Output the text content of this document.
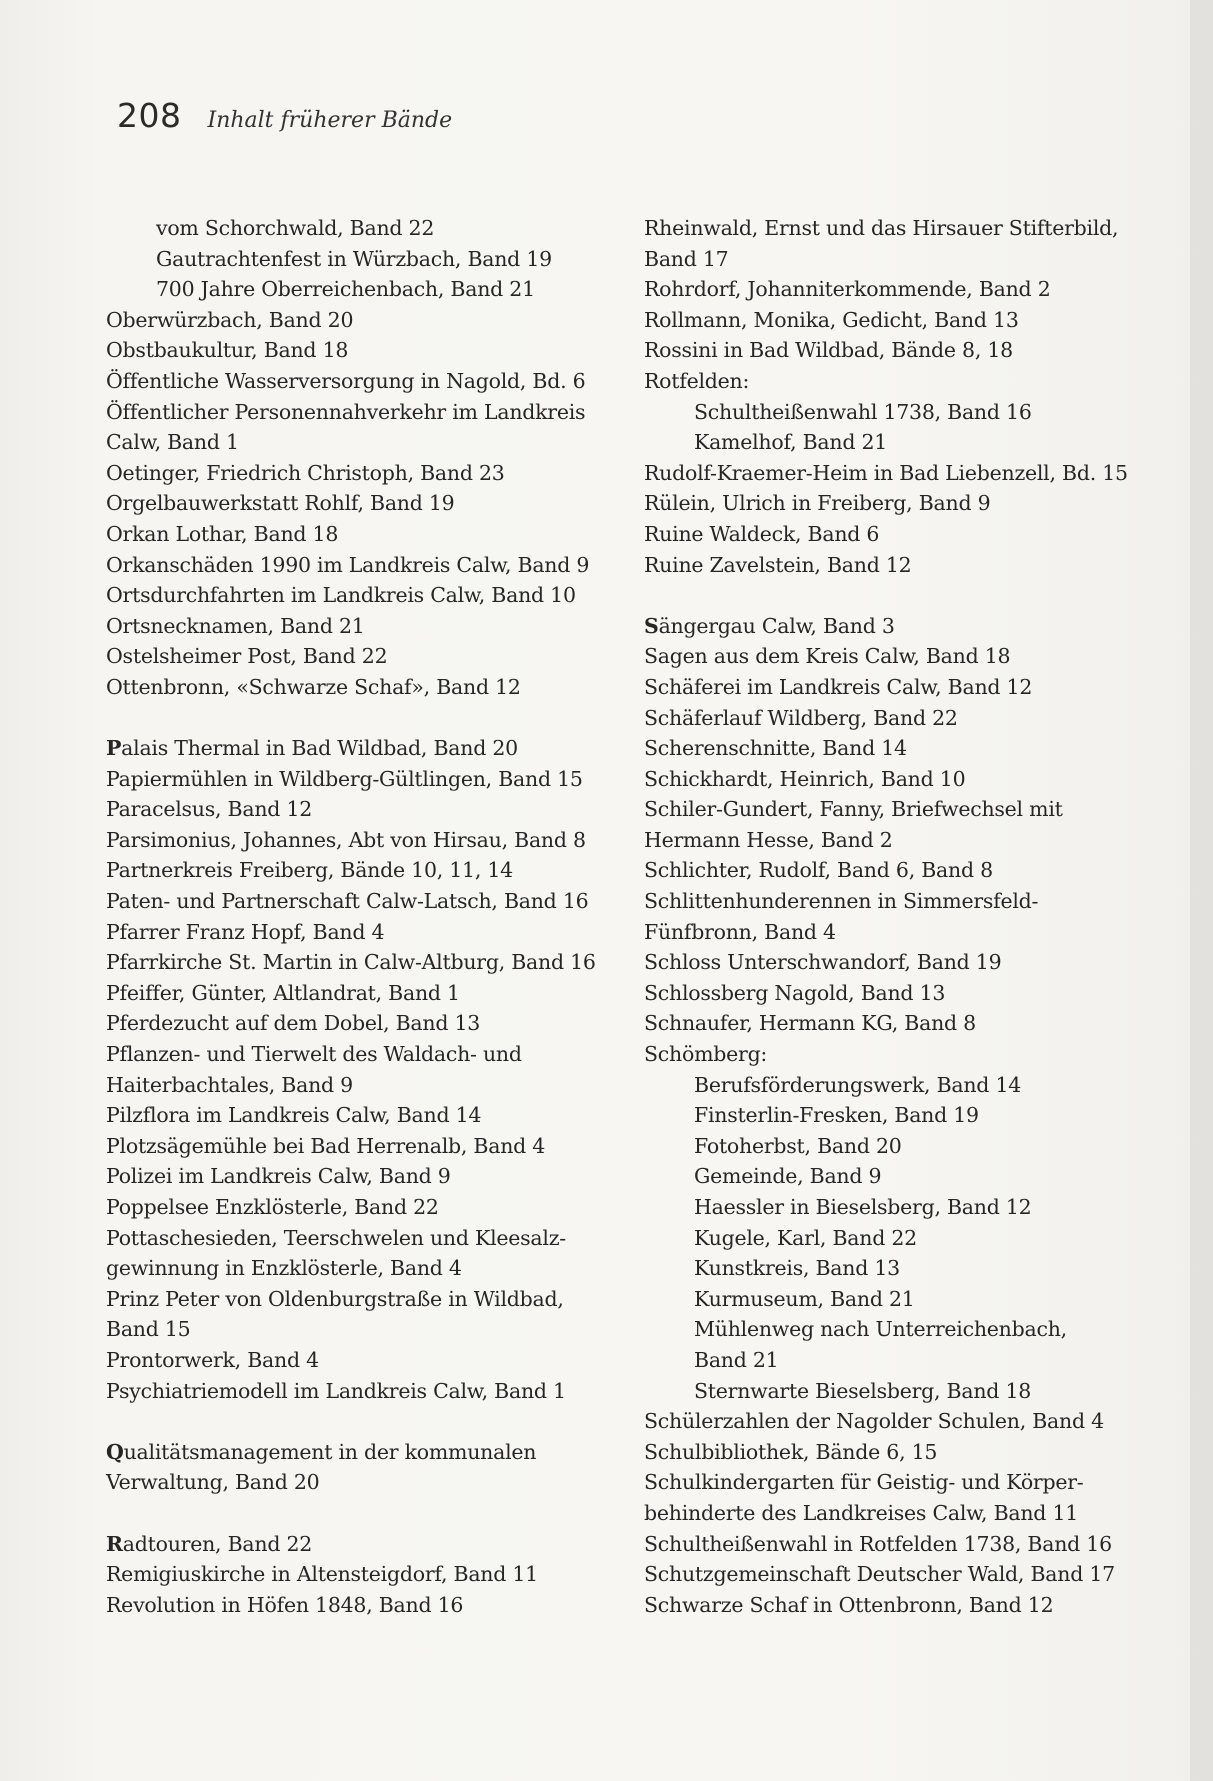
208 Inhalt früherer Bände
vom Schorchwald, Band 22
Gautrachtenfest in Würzbach, Band 19
700 Jahre Oberreichenbach, Band 21
Oberwürzbach, Band 20
Obstbaukultur, Band 18
Öffentliche Wasserversorgung in Nagold, Bd. 6
Öffentlicher Personennahverkehr im Landkreis
Calw, Band 1
Oetinger, Friedrich Christoph, Band 23
Orgelbauwerkstatt Rohlf, Band 19
Orkan Lothar, Band 18
Orkanschäden 1990 im Landkreis Calw, Band 9
Ortsdurchfahrten im Landkreis Calw, Band 10
Ortsnecknamen, Band 21
Ostelsheimer Post, Band 22
Ottenbronn, «Schwarze Schaf», Band 12
Palais Thermal in Bad Wildbad, Band 20
Papiermühlen in Wildberg-Gültlingen, Band 15
Paracelsus, Band 12
Parsimonius, Johannes, Abt von Hirsau, Band 8
Partnerkreis Freiberg, Bände 10, 11, 14
Paten- und Partnerschaft Calw-Latsch, Band 16
Pfarrer Franz Hopf, Band 4
Pfarrkirche St. Martin in Calw-Altburg, Band 16
Pfeiffer, Günter, Altlandrat, Band 1
Pferdezucht auf dem Dobel, Band 13
Pflanzen- und Tierwelt des Waldach- und
Haiterbachtales, Band 9
Pilzflora im Landkreis Calw, Band 14
Plotzsägemühle bei Bad Herrenalb, Band 4
Polizei im Landkreis Calw, Band 9
Poppelsee Enzklösterle, Band 22
Pottaschesieden, Teerschwelen und Kleesalz-
gewinnung in Enzklösterle, Band 4
Prinz Peter von Oldenburgstraße in Wildbad,
Band 15
Prontorwerk, Band 4
Psychiatriemodell im Landkreis Calw, Band 1
Qualitätsmanagement in der kommunalen
Verwaltung, Band 20
Radtouren, Band 22
Remigiuskirche in Altensteigdorf, Band 11
Revolution in Höfen 1848, Band 16
Rheinwald, Ernst und das Hirsauer Stifterbild,
Band 17
Rohrdorf, Johanniterkommende, Band 2
Rollmann, Monika, Gedicht, Band 13
Rossini in Bad Wildbad, Bände 8, 18
Rotfelden:
Schultheißenwahl 1738, Band 16
Kamelhof, Band 21
Rudolf-Kraemer-Heim in Bad Liebenzell, Bd. 15
Rülein, Ulrich in Freiberg, Band 9
Ruine Waldeck, Band 6
Ruine Zavelstein, Band 12
Sängergau Calw, Band 3
Sagen aus dem Kreis Calw, Band 18
Schäferei im Landkreis Calw, Band 12
Schäferlauf Wildberg, Band 22
Scherenschnitte, Band 14
Schickhardt, Heinrich, Band 10
Schiler-Gundert, Fanny, Briefwechsel mit
Hermann Hesse, Band 2
Schlichter, Rudolf, Band 6, Band 8
Schlittenhunderennen in Simmersfeld-
Fünfbronn, Band 4
Schloss Unterschwandorf, Band 19
Schlossberg Nagold, Band 13
Schnaufer, Hermann KG, Band 8
Schömberg:
Berufsförderungswerk, Band 14
Finsterlin-Fresken, Band 19
Fotoherbst, Band 20
Gemeinde, Band 9
Haessler in Bieselsberg, Band 12
Kugele, Karl, Band 22
Kunstkreis, Band 13
Kurmuseum, Band 21
Mühlenweg nach Unterreichenbach,
Band 21
Sternwarte Bieselsberg, Band 18
Schülerzahlen der Nagolder Schulen, Band 4
Schulbibliothek, Bände 6, 15
Schulkindergarten für Geistig- und Körper-
behinderte des Landkreises Calw, Band 11
Schultheißenwahl in Rotfelden 1738, Band 16
Schutzgemeinschaft Deutscher Wald, Band 17
Schwarze Schaf in Ottenbronn, Band 12
